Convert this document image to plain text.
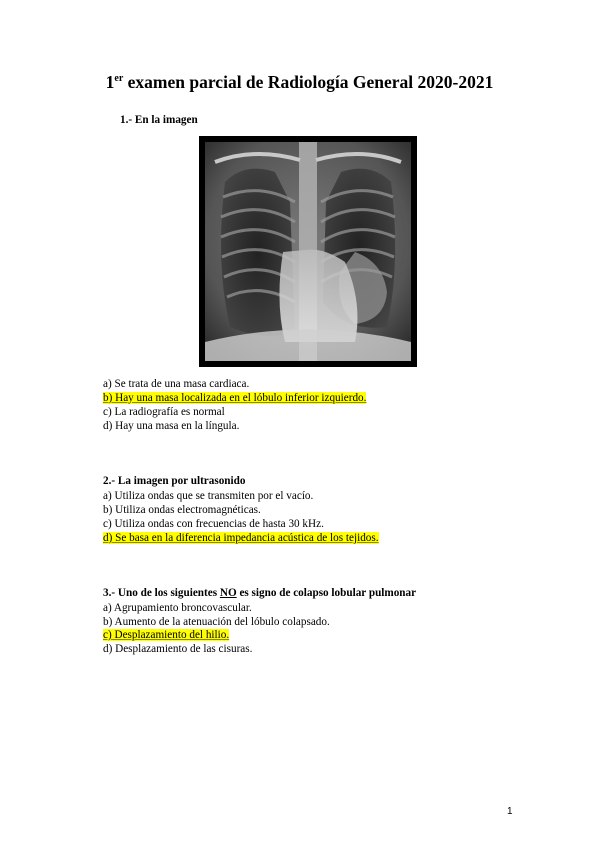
1er examen parcial de Radiología General 2020-2021
1.- En la imagen
a) Se trata de una masa cardiaca.
b) Hay una masa localizada en el lóbulo inferior izquierdo.
c) La radiografía es normal
d) Hay una masa en la língula.
2.- La imagen por ultrasonido
a) Utiliza ondas que se transmiten por el vacío.
b) Utiliza ondas electromagnéticas.
c) Utiliza ondas con frecuencias de hasta 30 kHz.
d) Se basa en la diferencia impedancia acústica de los tejidos.
3.- Uno de los siguientes NO es signo de colapso lobular pulmonar
a) Agrupamiento broncovascular.
b) Aumento de la atenuación del lóbulo colapsado.
c) Desplazamiento del hilio.
d) Desplazamiento de las cisuras.
1
